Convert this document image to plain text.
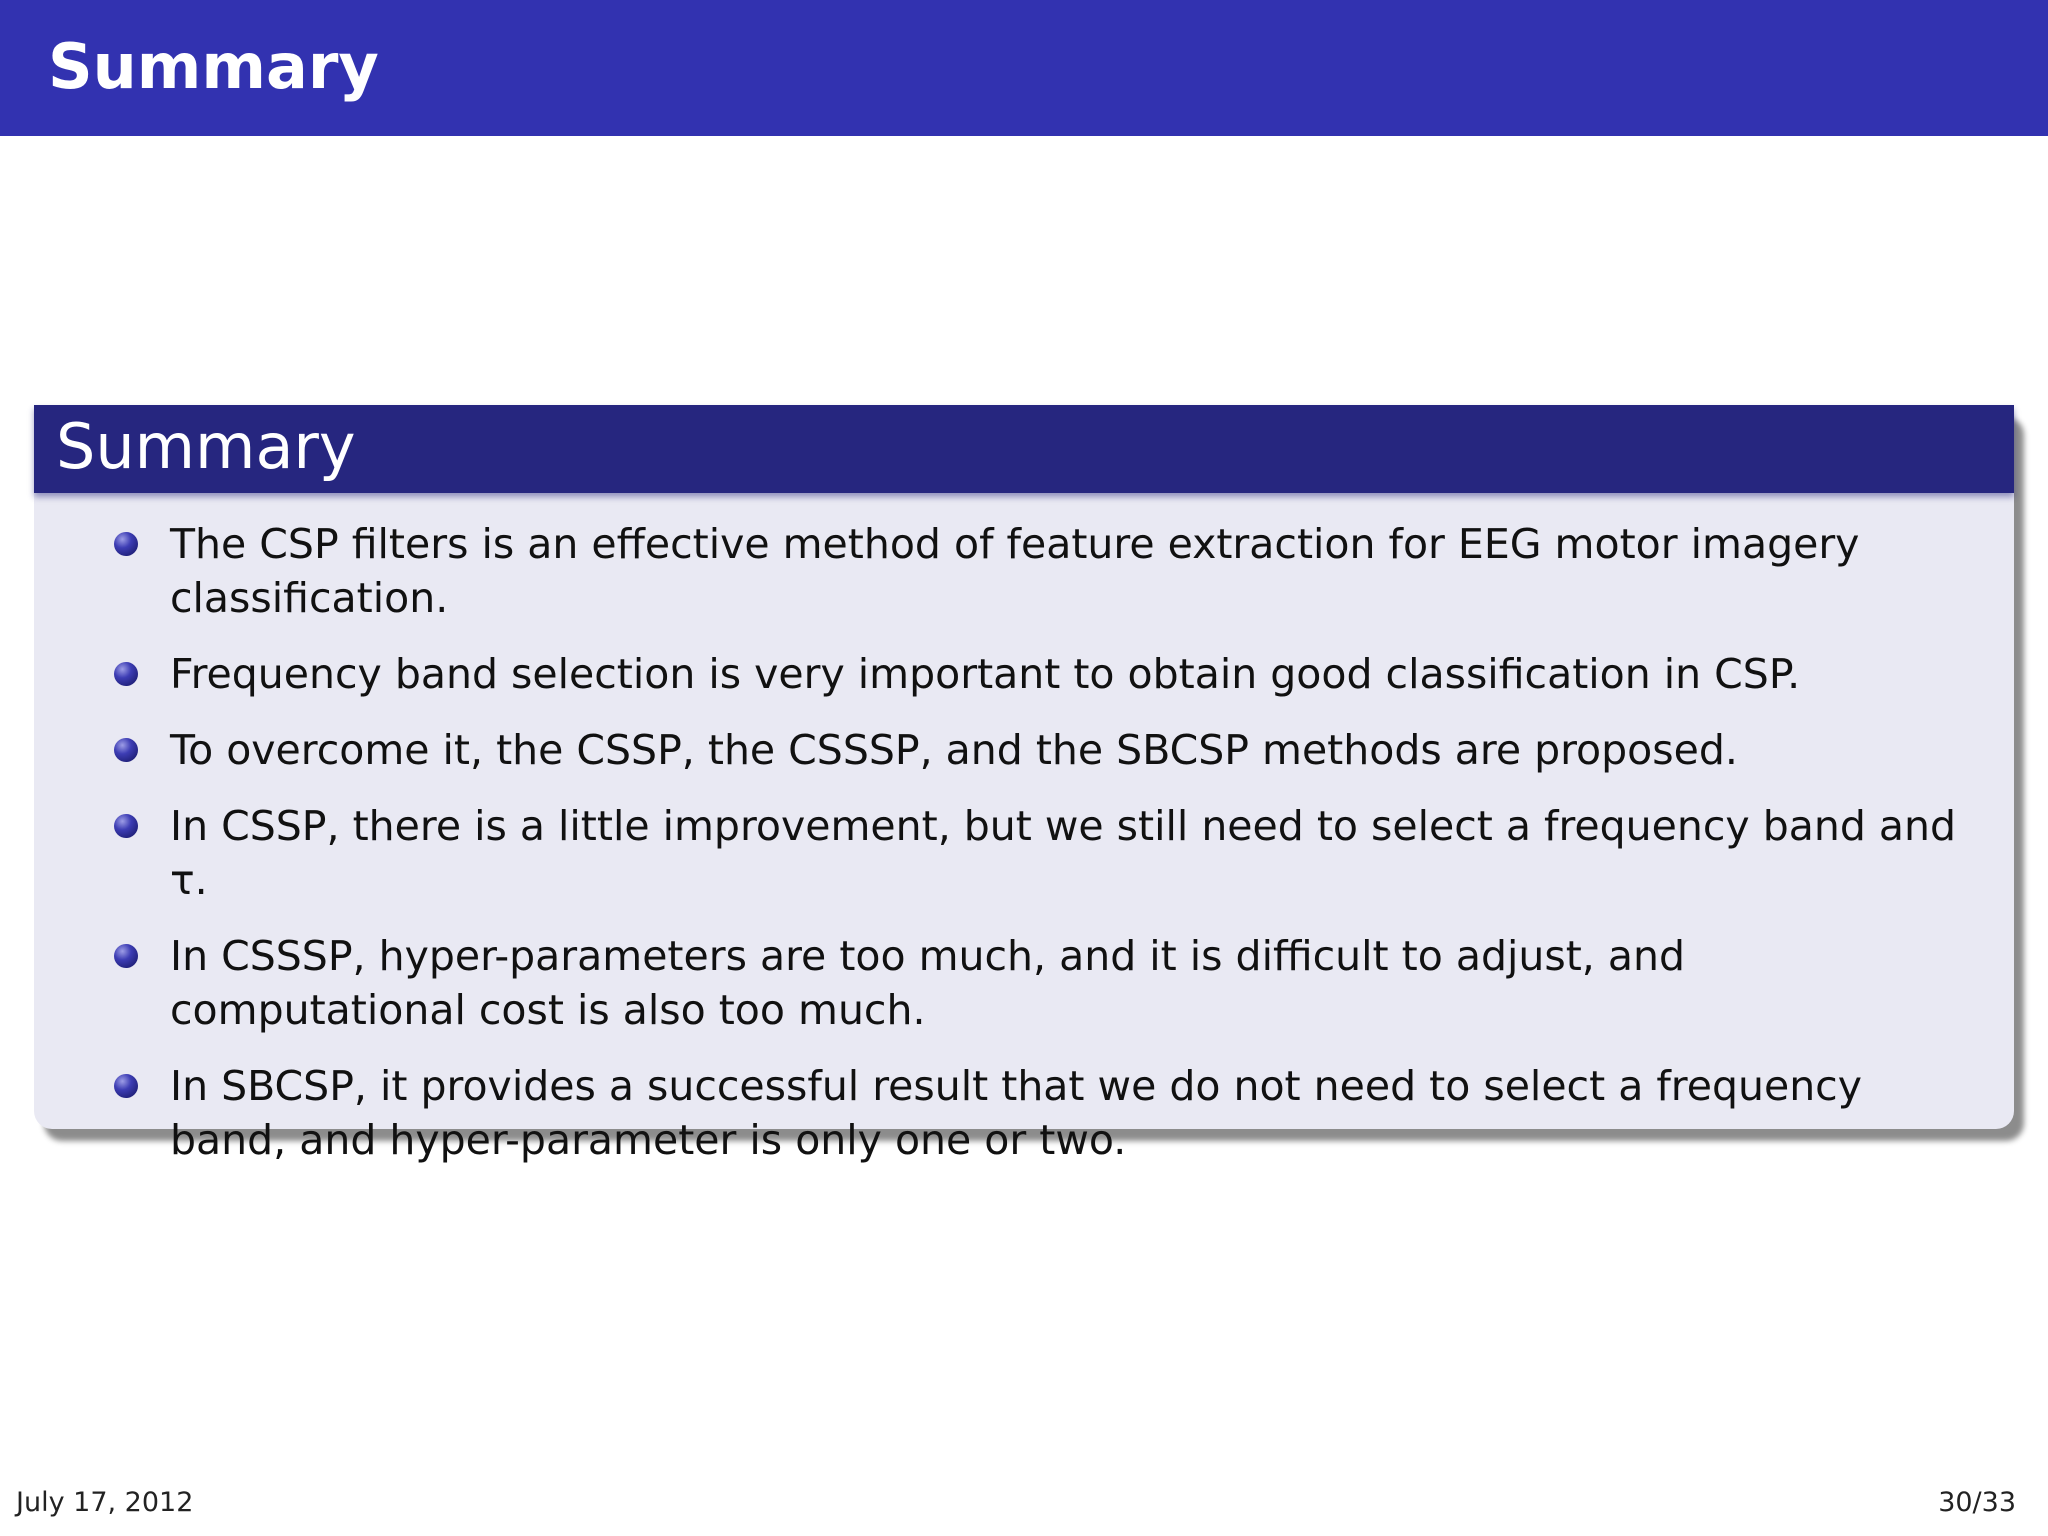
Summary
Summary
The CSP filters is an effective method of feature extraction for EEG motor imagery classification.
Frequency band selection is very important to obtain good classification in CSP.
To overcome it, the CSSP, the CSSSP, and the SBCSP methods are proposed.
In CSSP, there is a little improvement, but we still need to select a frequency band and τ.
In CSSSP, hyper-parameters are too much, and it is difficult to adjust, and computational cost is also too much.
In SBCSP, it provides a successful result that we do not need to select a frequency band, and hyper-parameter is only one or two.
July 17, 2012	30/33
